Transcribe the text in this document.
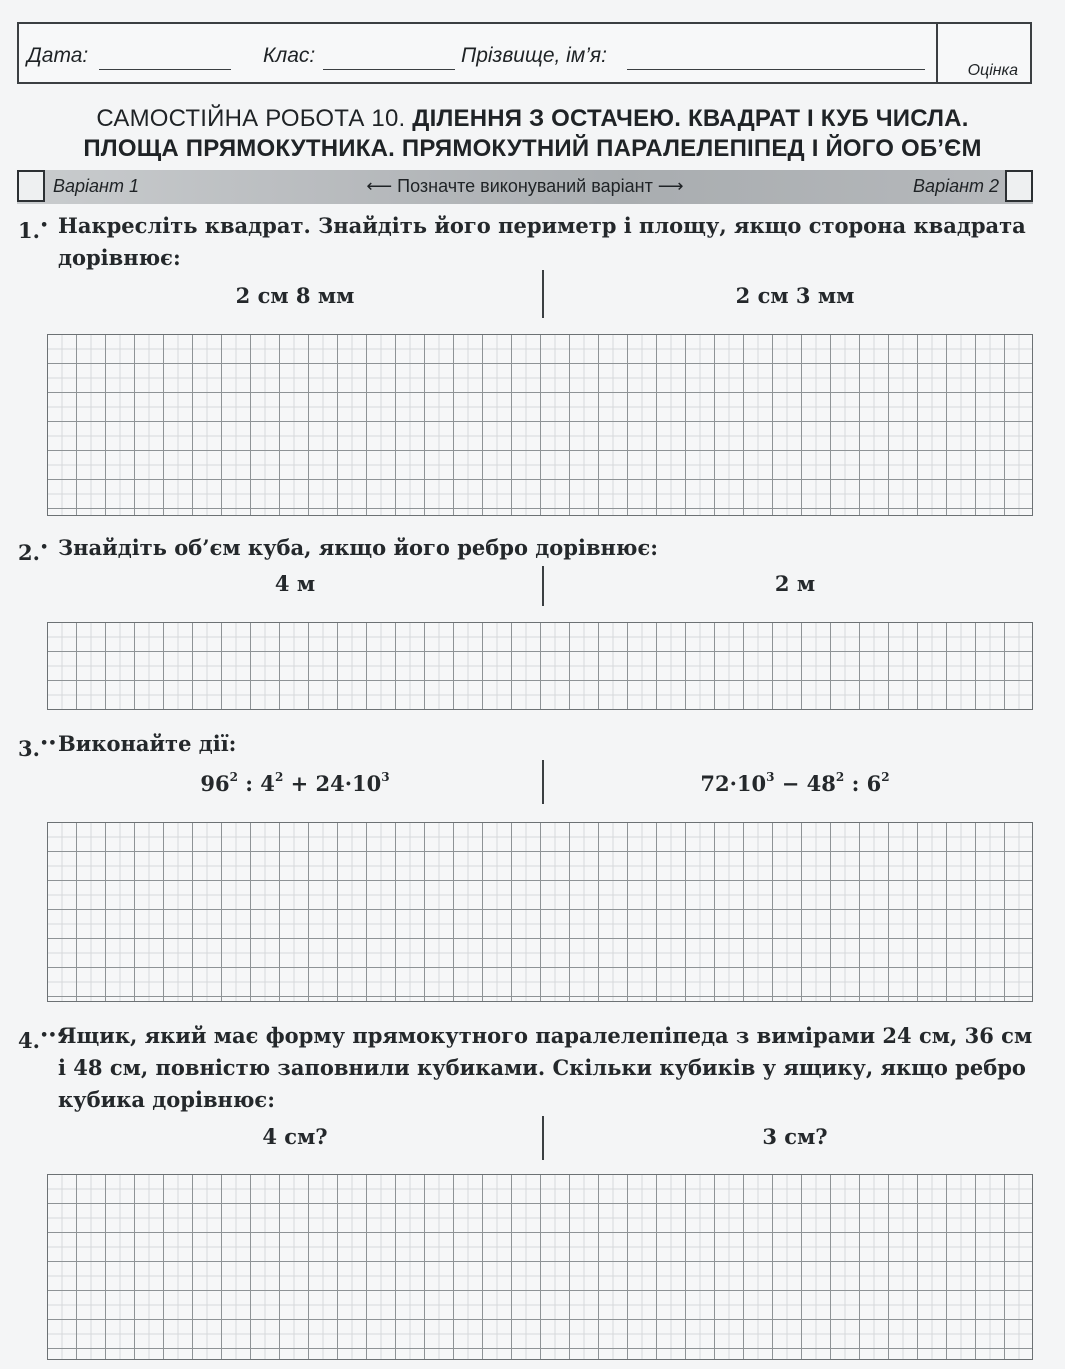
Дата:	Клас:	Прізвище, ім’я:
Оцінка
САМОСТІЙНА РОБОТА 10. ДІЛЕННЯ З ОСТАЧЕЮ. КВАДРАТ І КУБ ЧИСЛА.
ПЛОЩА ПРЯМОКУТНИКА. ПРЯМОКУТНИЙ ПАРАЛЕЛЕПІПЕД І ЙОГО ОБ’ЄМ
Варіант 1	⟵ Позначте виконуваний варіант ⟶	Варіант 2
1.• Накресліть квадрат. Знайдіть його периметр і площу, якщо сторона квадрата дорівнює:
2 см 8 мм	2 см 3 мм
2.• Знайдіть об’єм куба, якщо його ребро дорівнює:
4 м	2 м
3.•• Виконайте дії:
$96^2$ : $4^2 + 24\cdot 10^3$	$72\cdot 10^3 - 48^2$ : $6^2$
4.•••
Ящик, який має форму прямокутного паралелепіпеда з вимірами 24 см, 36 см і 48 см, повністю заповнили кубиками. Скільки кубиків у ящику, якщо ребро кубика дорівнює:
4 см?	3 см?
